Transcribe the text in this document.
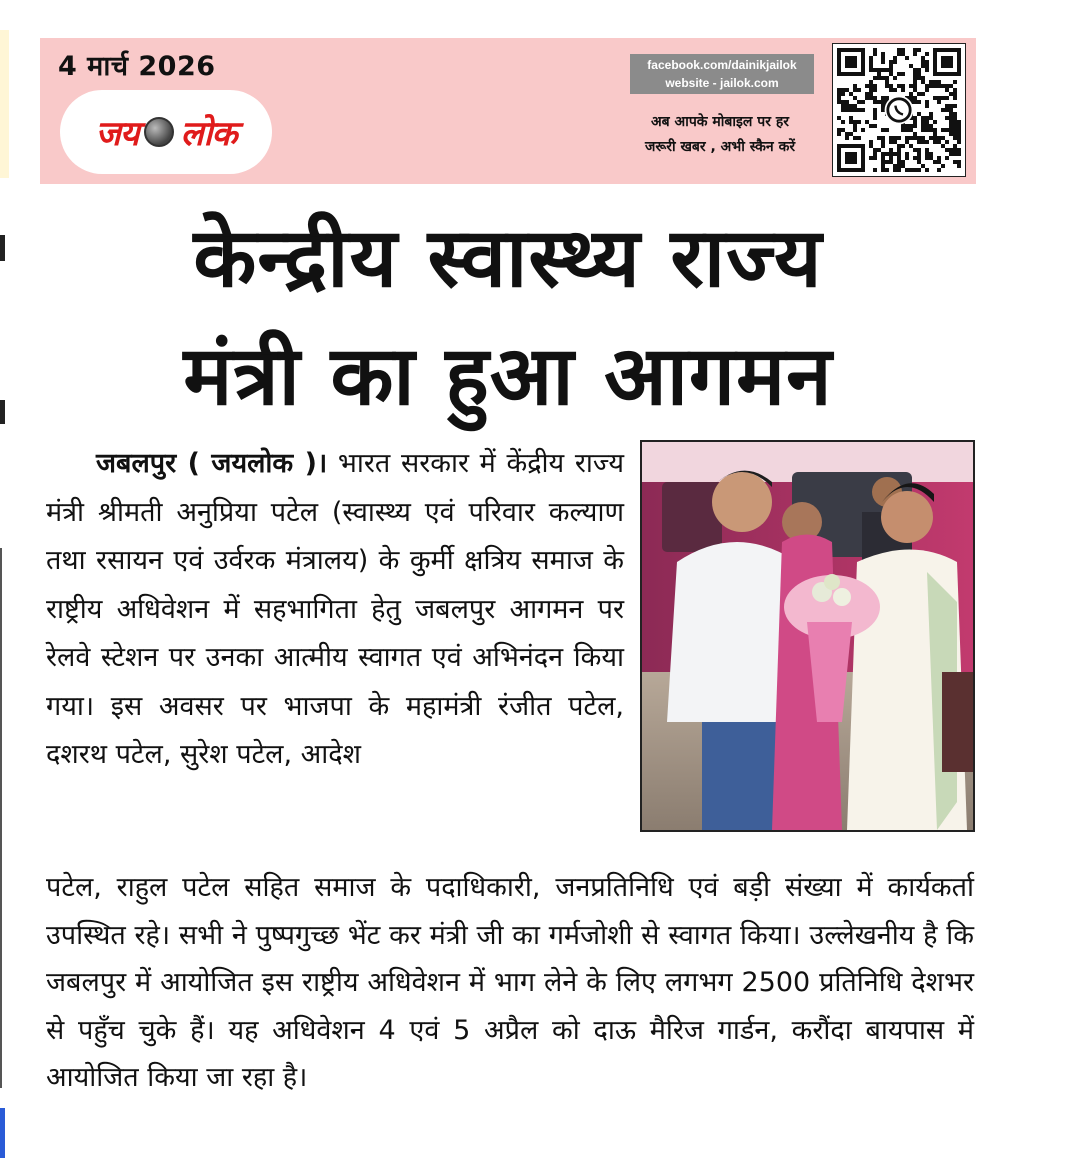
4 मार्च 2026
जय लोक
facebook.com/dainikjailok
website - jailok.com
अब आपके मोबाइल पर हर
जरूरी खबर , अभी स्कैन करें
केन्द्रीय स्वास्थ्य राज्य
मंत्री का हुआ आगमन
जबलपुर ( जयलोक )। भारत सरकार में केंद्रीय राज्य मंत्री श्रीमती अनुप्रिया पटेल (स्वास्थ्य एवं परिवार कल्याण तथा रसायन एवं उर्वरक मंत्रालय) के कुर्मी क्षत्रिय समाज के राष्ट्रीय अधिवेशन में सहभागिता हेतु जबलपुर आगमन पर रेलवे स्टेशन पर उनका आत्मीय स्वागत एवं अभिनंदन किया गया। इस अवसर पर भाजपा के महामंत्री रंजीत पटेल, दशरथ पटेल, सुरेश पटेल, आदेश
पटेल, राहुल पटेल सहित समाज के पदाधिकारी, जनप्रतिनिधि एवं बड़ी संख्या में कार्यकर्ता उपस्थित रहे। सभी ने पुष्पगुच्छ भेंट कर मंत्री जी का गर्मजोशी से स्वागत किया। उल्लेखनीय है कि जबलपुर में आयोजित इस राष्ट्रीय अधिवेशन में भाग लेने के लिए लगभग 2500 प्रतिनिधि देशभर से पहुँच चुके हैं। यह अधिवेशन 4 एवं 5 अप्रैल को दाऊ मैरिज गार्डन, करौंदा बायपास में आयोजित किया जा रहा है।
